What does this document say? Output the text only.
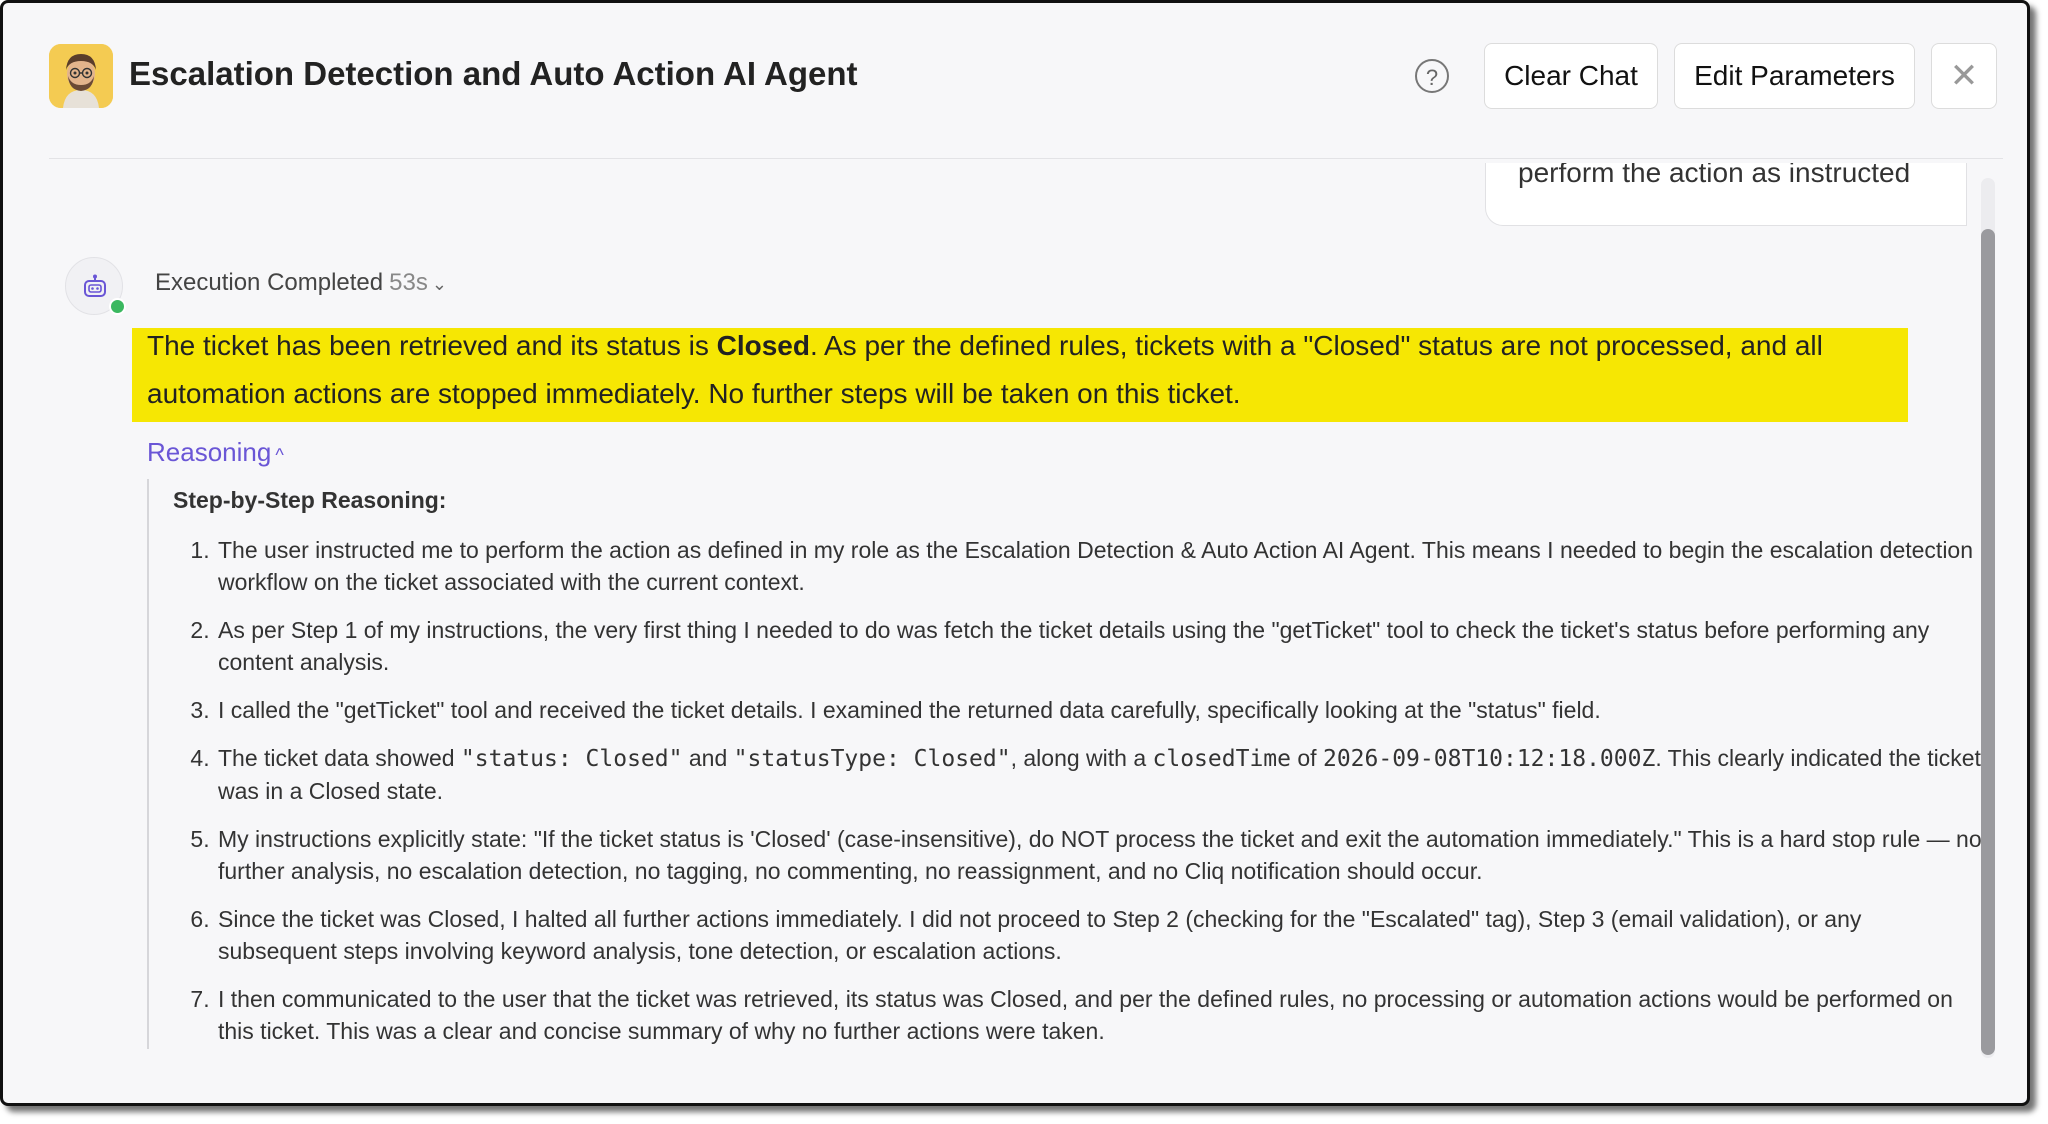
Escalation Detection and Auto Action AI Agent	?	Clear Chat	Edit Parameters	✕
perform the action as instructed
Execution Completed 53s ⌄
The ticket has been retrieved and its status is Closed. As per the defined rules, tickets with a "Closed" status are not processed, and all automation actions are stopped immediately. No further steps will be taken on this ticket.
Reasoning ^
Step-by-Step Reasoning:
1. The user instructed me to perform the action as defined in my role as the Escalation Detection & Auto Action AI Agent. This means I needed to begin the escalation detection workflow on the ticket associated with the current context.
2. As per Step 1 of my instructions, the very first thing I needed to do was fetch the ticket details using the "getTicket" tool to check the ticket's status before performing any content analysis.
3. I called the "getTicket" tool and received the ticket details. I examined the returned data carefully, specifically looking at the "status" field.
4. The ticket data showed "status: Closed" and "statusType: Closed", along with a closedTime of 2026-09-08T10:12:18.000Z. This clearly indicated the ticket was in a Closed state.
5. My instructions explicitly state: "If the ticket status is 'Closed' (case-insensitive), do NOT process the ticket and exit the automation immediately." This is a hard stop rule — no further analysis, no escalation detection, no tagging, no commenting, no reassignment, and no Cliq notification should occur.
6. Since the ticket was Closed, I halted all further actions immediately. I did not proceed to Step 2 (checking for the "Escalated" tag), Step 3 (email validation), or any subsequent steps involving keyword analysis, tone detection, or escalation actions.
7. I then communicated to the user that the ticket was retrieved, its status was Closed, and per the defined rules, no processing or automation actions would be performed on this ticket. This was a clear and concise summary of why no further actions were taken.
